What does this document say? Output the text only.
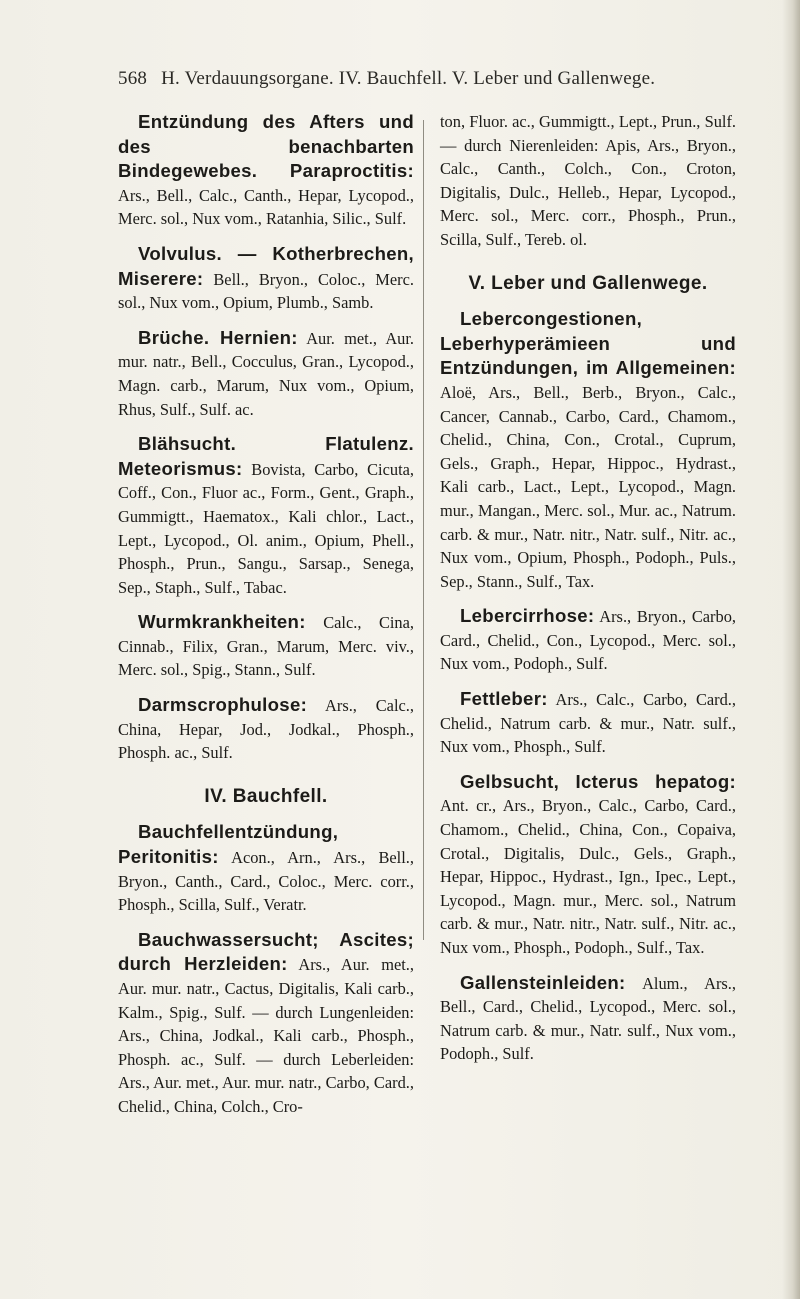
568 H. Verdauungsorgane. IV. Bauchfell. V. Leber und Gallenwege.

Entzündung des Afters und des benachbarten Bindegewebes. Paraproctitis: Ars., Bell., Calc., Canth., Hepar, Lycopod., Merc. sol., Nux vom., Ratanhia, Silic., Sulf.

Volvulus. — Kotherbrechen, Miserere: Bell., Bryon., Coloc., Merc. sol., Nux vom., Opium, Plumb., Samb.

Brüche. Hernien: Aur. met., Aur. mur. natr., Bell., Cocculus, Gran., Lycopod., Magn. carb., Marum, Nux vom., Opium, Rhus, Sulf., Sulf. ac.

Blähsucht. Flatulenz. Meteorismus: Bovista, Carbo, Cicuta, Coff., Con., Fluor ac., Form., Gent., Graph., Gummigtt., Haematox., Kali chlor., Lact., Lept., Lycopod., Ol. anim., Opium, Phell., Phosph., Prun., Sangu., Sarsap., Senega, Sep., Staph., Sulf., Tabac.

Wurmkrankheiten: Calc., Cina, Cinnab., Filix, Gran., Marum, Merc. viv., Merc. sol., Spig., Stann., Sulf.

Darmscrophulose: Ars., Calc., China, Hepar, Jod., Jodkal., Phosph., Phosph. ac., Sulf.

IV. Bauchfell.

Bauchfellentzündung, Peritonitis: Acon., Arn., Ars., Bell., Bryon., Canth., Card., Coloc., Merc. corr., Phosph., Scilla, Sulf., Veratr.

Bauchwassersucht; Ascites; durch Herzleiden: Ars., Aur. met., Aur. mur. natr., Cactus, Digitalis, Kali carb., Kalm., Spig., Sulf. — durch Lungenleiden: Ars., China, Jodkal., Kali carb., Phosph., Phosph. ac., Sulf. — durch Leberleiden: Ars., Aur. met., Aur. mur. natr., Carbo, Card., Chelid., China, Colch., Cro-

ton, Fluor. ac., Gummigtt., Lept., Prun., Sulf. — durch Nierenleiden: Apis, Ars., Bryon., Calc., Canth., Colch., Con., Croton, Digitalis, Dulc., Helleb., Hepar, Lycopod., Merc. sol., Merc. corr., Phosph., Prun., Scilla, Sulf., Tereb. ol.

V. Leber und Gallenwege.

Lebercongestionen, Leberhyperämieen und Entzündungen, im Allgemeinen: Aloë, Ars., Bell., Berb., Bryon., Calc., Cancer, Cannab., Carbo, Card., Chamom., Chelid., China, Con., Crotal., Cuprum, Gels., Graph., Hepar, Hippoc., Hydrast., Kali carb., Lact., Lept., Lycopod., Magn. mur., Mangan., Merc. sol., Mur. ac., Natrum. carb. & mur., Natr. nitr., Natr. sulf., Nitr. ac., Nux vom., Opium, Phosph., Podoph., Puls., Sep., Stann., Sulf., Tax.

Lebercirrhose: Ars., Bryon., Carbo, Card., Chelid., Con., Lycopod., Merc. sol., Nux vom., Podoph., Sulf.

Fettleber: Ars., Calc., Carbo, Card., Chelid., Natrum carb. & mur., Natr. sulf., Nux vom., Phosph., Sulf.

Gelbsucht, Icterus hepatog: Ant. cr., Ars., Bryon., Calc., Carbo, Card., Chamom., Chelid., China, Con., Copaiva, Crotal., Digitalis, Dulc., Gels., Graph., Hepar, Hippoc., Hydrast., Ign., Ipec., Lept., Lycopod., Magn. mur., Merc. sol., Natrum carb. & mur., Natr. nitr., Natr. sulf., Nitr. ac., Nux vom., Phosph., Podoph., Sulf., Tax.

Gallensteinleiden: Alum., Ars., Bell., Card., Chelid., Lycopod., Merc. sol., Natrum carb. & mur., Natr. sulf., Nux vom., Podoph., Sulf.
